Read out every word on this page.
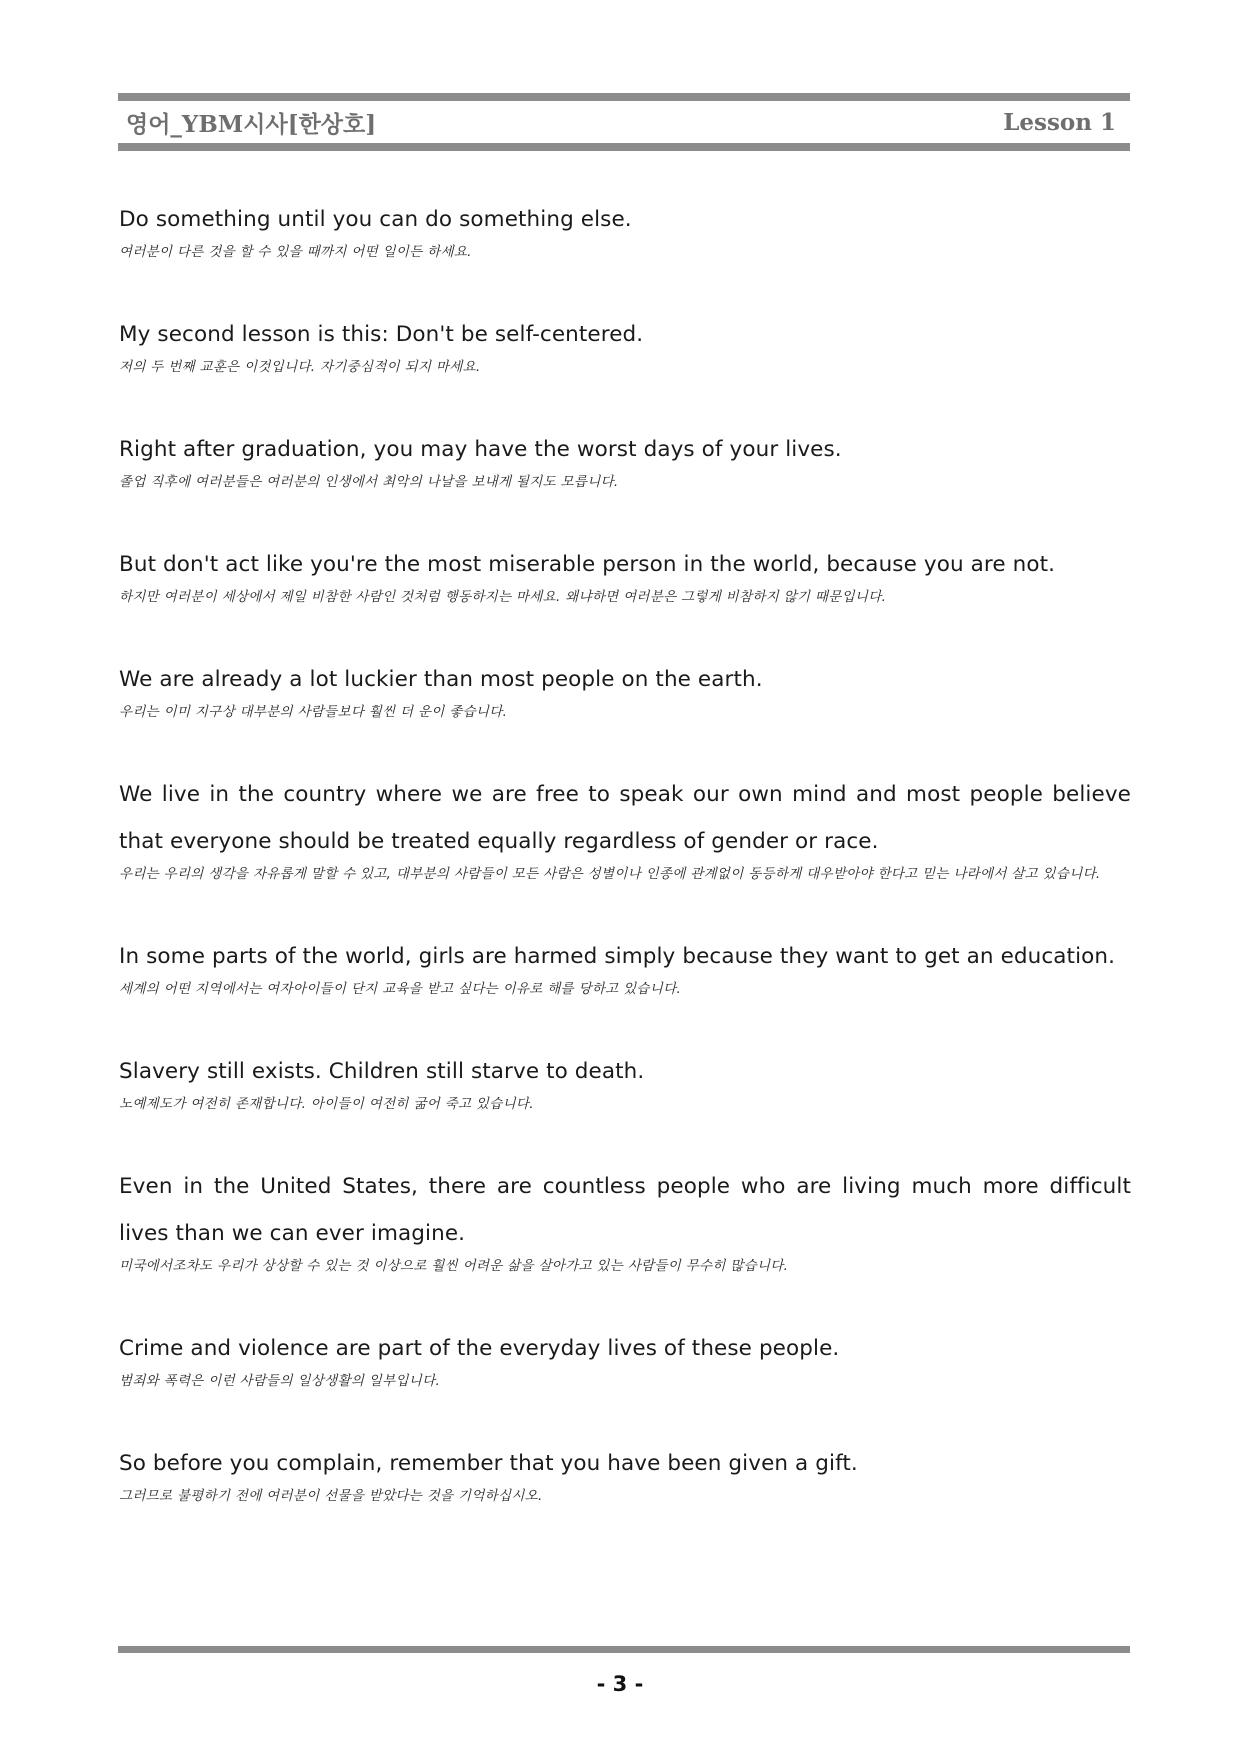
영어_YBM시사[한상호]	Lesson 1
Do something until you can do something else.
여러분이 다른 것을 할 수 있을 때까지 어떤 일이든 하세요.
My second lesson is this: Don't be self-centered.
저의 두 번째 교훈은 이것입니다. 자기중심적이 되지 마세요.
Right after graduation, you may have the worst days of your lives.
졸업 직후에 여러분들은 여러분의 인생에서 최악의 나날을 보내게 될지도 모릅니다.
But don't act like you're the most miserable person in the world, because you are not.
하지만 여러분이 세상에서 제일 비참한 사람인 것처럼 행동하지는 마세요. 왜냐하면 여러분은 그렇게 비참하지 않기 때문입니다.
We are already a lot luckier than most people on the earth.
우리는 이미 지구상 대부분의 사람들보다 훨씬 더 운이 좋습니다.
We live in the country where we are free to speak our own mind and most people believe that everyone should be treated equally regardless of gender or race.
우리는 우리의 생각을 자유롭게 말할 수 있고, 대부분의 사람들이 모든 사람은 성별이나 인종에 관계없이 동등하게 대우받아야 한다고 믿는 나라에서 살고 있습니다.
In some parts of the world, girls are harmed simply because they want to get an education.
세계의 어떤 지역에서는 여자아이들이 단지 교육을 받고 싶다는 이유로 해를 당하고 있습니다.
Slavery still exists. Children still starve to death.
노예제도가 여전히 존재합니다. 아이들이 여전히 굶어 죽고 있습니다.
Even in the United States, there are countless people who are living much more difficult lives than we can ever imagine.
미국에서조차도 우리가 상상할 수 있는 것 이상으로 훨씬 어려운 삶을 살아가고 있는 사람들이 무수히 많습니다.
Crime and violence are part of the everyday lives of these people.
범죄와 폭력은 이런 사람들의 일상생활의 일부입니다.
So before you complain, remember that you have been given a gift.
그러므로 불평하기 전에 여러분이 선물을 받았다는 것을 기억하십시오.
- 3 -
